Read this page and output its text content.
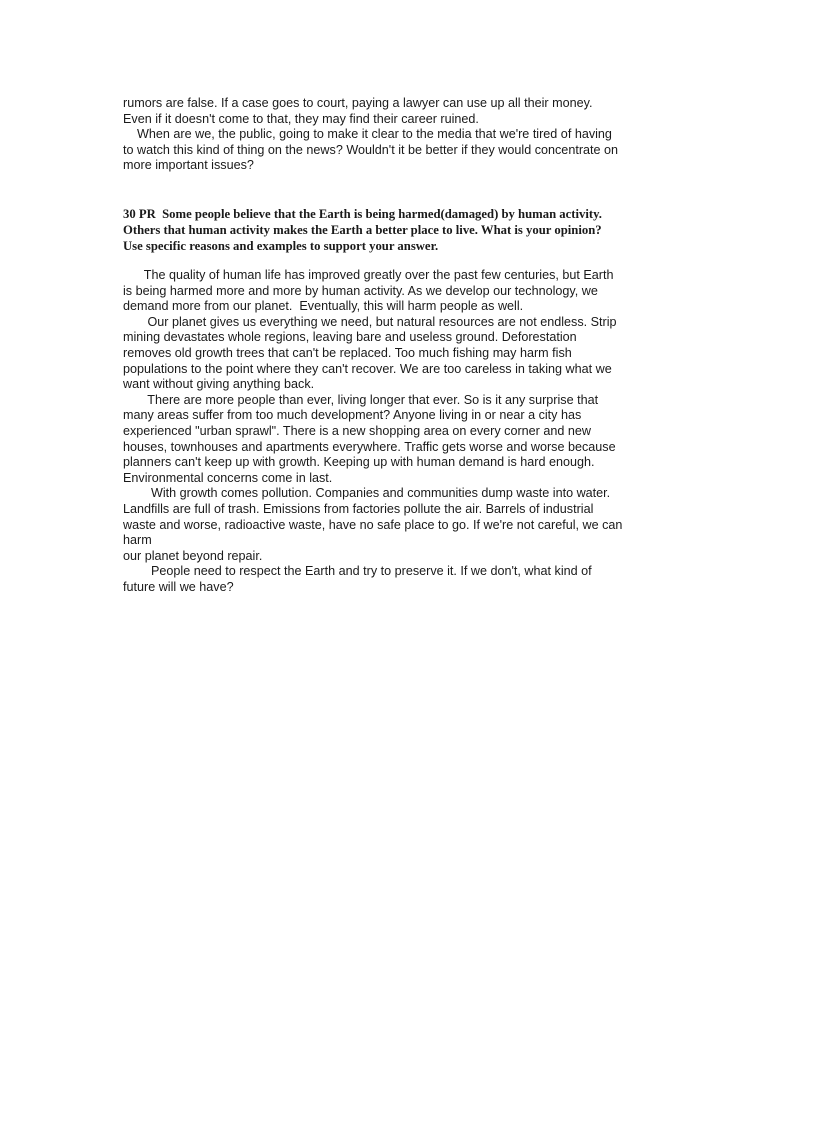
rumors are false. If a case goes to court, paying a lawyer can use up all their money.
Even if it doesn't come to that, they may find their career ruined.
When are we, the public, going to make it clear to the media that we're tired of having
to watch this kind of thing on the news? Wouldn't it be better if they would concentrate on
more important issues?
30 PR  Some people believe that the Earth is being harmed(damaged) by human activity.
Others that human activity makes the Earth a better place to live. What is your opinion?
Use specific reasons and examples to support your answer.
The quality of human life has improved greatly over the past few centuries, but Earth
is being harmed more and more by human activity. As we develop our technology, we
demand more from our planet.  Eventually, this will harm people as well.
Our planet gives us everything we need, but natural resources are not endless. Strip
mining devastates whole regions, leaving bare and useless ground. Deforestation
removes old growth trees that can't be replaced. Too much fishing may harm fish
populations to the point where they can't recover. We are too careless in taking what we
want without giving anything back.
There are more people than ever, living longer that ever. So is it any surprise that
many areas suffer from too much development? Anyone living in or near a city has
experienced "urban sprawl". There is a new shopping area on every corner and new
houses, townhouses and apartments everywhere. Traffic gets worse and worse because
planners can't keep up with growth. Keeping up with human demand is hard enough.
Environmental concerns come in last.
With growth comes pollution. Companies and communities dump waste into water.
Landfills are full of trash. Emissions from factories pollute the air. Barrels of industrial
waste and worse, radioactive waste, have no safe place to go. If we're not careful, we can
harm
our planet beyond repair.
People need to respect the Earth and try to preserve it. If we don't, what kind of
future will we have?
